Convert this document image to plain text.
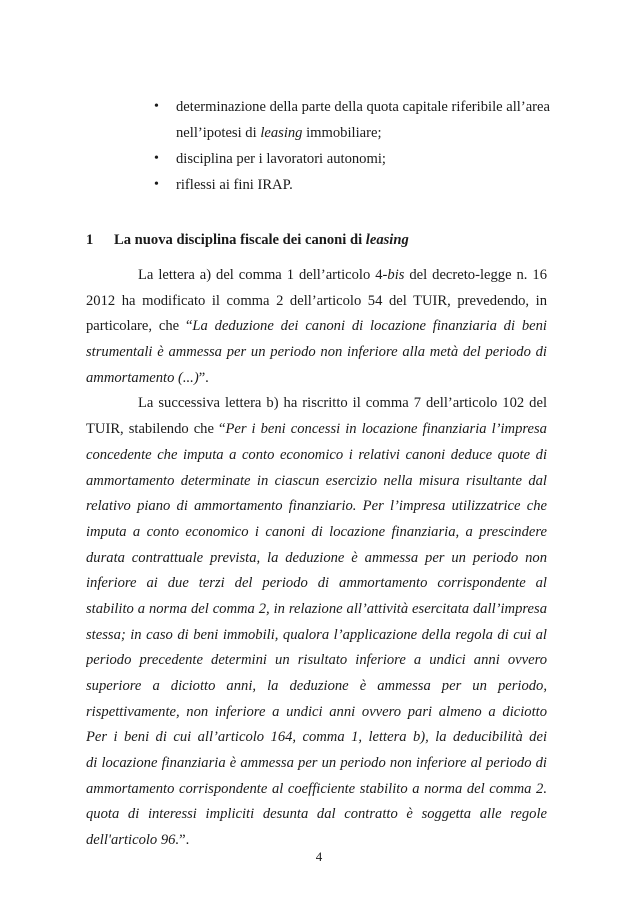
• determinazione della parte della quota capitale riferibile all’area
nell’ipotesi di leasing immobiliare;
• disciplina per i lavoratori autonomi;
• riflessi ai fini IRAP.
1 La nuova disciplina fiscale dei canoni di leasing
La lettera a) del comma 1 dell’articolo 4-bis del decreto-legge n. 16
2012 ha modificato il comma 2 dell’articolo 54 del TUIR, prevedendo, in
particolare, che “La deduzione dei canoni di locazione finanziaria di beni
strumentali è ammessa per un periodo non inferiore alla metà del periodo di
ammortamento (...)”.
La successiva lettera b) ha riscritto il comma 7 dell’articolo 102 del
TUIR, stabilendo che “Per i beni concessi in locazione finanziaria l’impresa
concedente che imputa a conto economico i relativi canoni deduce quote di
ammortamento determinate in ciascun esercizio nella misura risultante dal
relativo piano di ammortamento finanziario. Per l’impresa utilizzatrice che
imputa a conto economico i canoni di locazione finanziaria, a prescindere
durata contrattuale prevista, la deduzione è ammessa per un periodo non
inferiore ai due terzi del periodo di ammortamento corrispondente al
stabilito a norma del comma 2, in relazione all’attività esercitata dall’impresa
stessa; in caso di beni immobili, qualora l’applicazione della regola di cui al
periodo precedente determini un risultato inferiore a undici anni ovvero
superiore a diciotto anni, la deduzione è ammessa per un periodo,
rispettivamente, non inferiore a undici anni ovvero pari almeno a diciotto
Per i beni di cui all’articolo 164, comma 1, lettera b), la deducibilità dei
di locazione finanziaria è ammessa per un periodo non inferiore al periodo di
ammortamento corrispondente al coefficiente stabilito a norma del comma 2.
quota di interessi impliciti desunta dal contratto è soggetta alle regole
dell'articolo 96.”.
4
